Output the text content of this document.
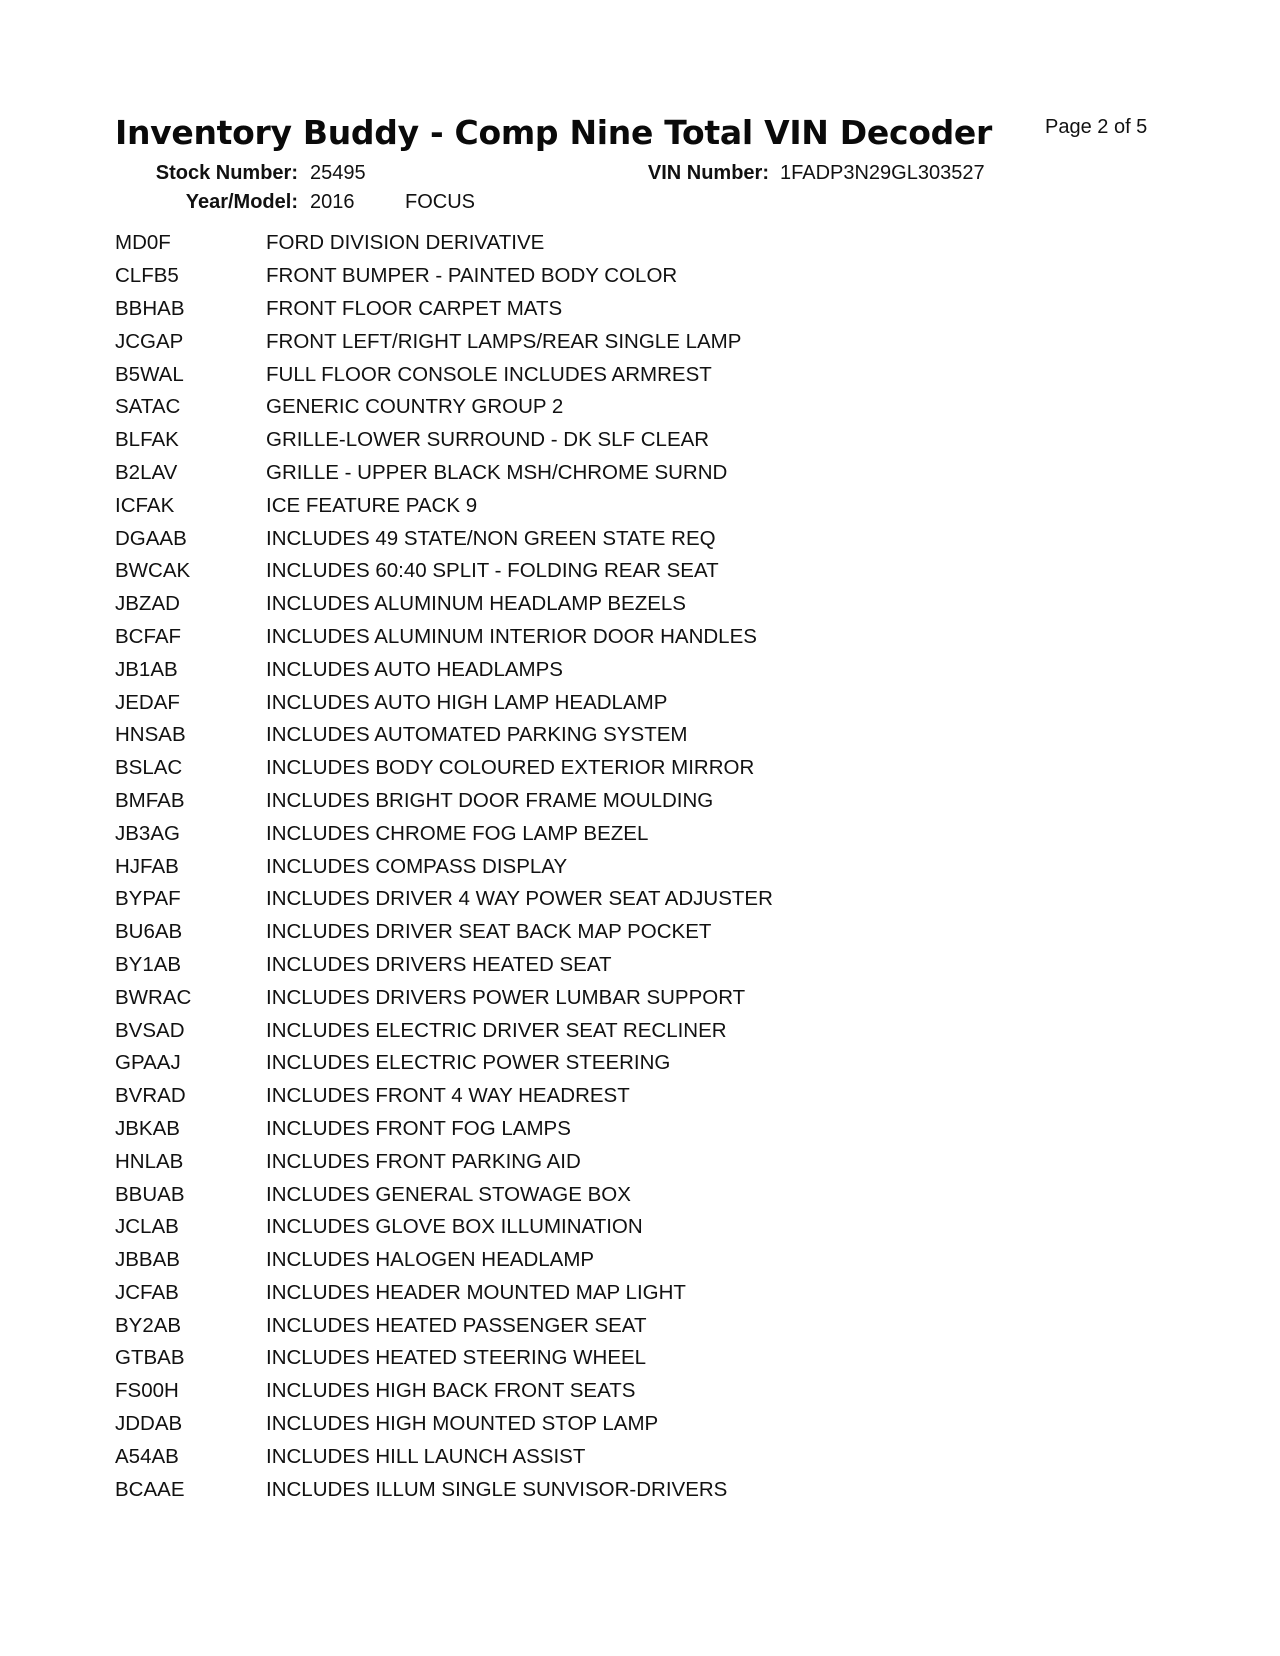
Inventory Buddy - Comp Nine Total VIN Decoder	Page 2 of 5
Stock Number: 25495	VIN Number: 1FADP3N29GL303527
Year/Model: 2016	FOCUS
MD0F	FORD DIVISION DERIVATIVE
CLFB5	FRONT BUMPER - PAINTED BODY COLOR
BBHAB	FRONT FLOOR CARPET MATS
JCGAP	FRONT LEFT/RIGHT LAMPS/REAR SINGLE LAMP
B5WAL	FULL FLOOR CONSOLE INCLUDES ARMREST
SATAC	GENERIC COUNTRY GROUP 2
BLFAK	GRILLE-LOWER SURROUND - DK SLF CLEAR
B2LAV	GRILLE - UPPER BLACK MSH/CHROME SURND
ICFAK	ICE FEATURE PACK 9
DGAAB	INCLUDES 49 STATE/NON GREEN STATE REQ
BWCAK	INCLUDES 60:40 SPLIT - FOLDING REAR SEAT
JBZAD	INCLUDES ALUMINUM HEADLAMP BEZELS
BCFAF	INCLUDES ALUMINUM INTERIOR DOOR HANDLES
JB1AB	INCLUDES AUTO HEADLAMPS
JEDAF	INCLUDES AUTO HIGH LAMP HEADLAMP
HNSAB	INCLUDES AUTOMATED PARKING SYSTEM
BSLAC	INCLUDES BODY COLOURED EXTERIOR MIRROR
BMFAB	INCLUDES BRIGHT DOOR FRAME MOULDING
JB3AG	INCLUDES CHROME FOG LAMP BEZEL
HJFAB	INCLUDES COMPASS DISPLAY
BYPAF	INCLUDES DRIVER 4 WAY POWER SEAT ADJUSTER
BU6AB	INCLUDES DRIVER SEAT BACK MAP POCKET
BY1AB	INCLUDES DRIVERS HEATED SEAT
BWRAC	INCLUDES DRIVERS POWER LUMBAR SUPPORT
BVSAD	INCLUDES ELECTRIC DRIVER SEAT RECLINER
GPAAJ	INCLUDES ELECTRIC POWER STEERING
BVRAD	INCLUDES FRONT 4 WAY HEADREST
JBKAB	INCLUDES FRONT FOG LAMPS
HNLAB	INCLUDES FRONT PARKING AID
BBUAB	INCLUDES GENERAL STOWAGE BOX
JCLAB	INCLUDES GLOVE BOX ILLUMINATION
JBBAB	INCLUDES HALOGEN HEADLAMP
JCFAB	INCLUDES HEADER MOUNTED MAP LIGHT
BY2AB	INCLUDES HEATED PASSENGER SEAT
GTBAB	INCLUDES HEATED STEERING WHEEL
FS00H	INCLUDES HIGH BACK FRONT SEATS
JDDAB	INCLUDES HIGH MOUNTED STOP LAMP
A54AB	INCLUDES HILL LAUNCH ASSIST
BCAAE	INCLUDES ILLUM SINGLE SUNVISOR-DRIVERS
